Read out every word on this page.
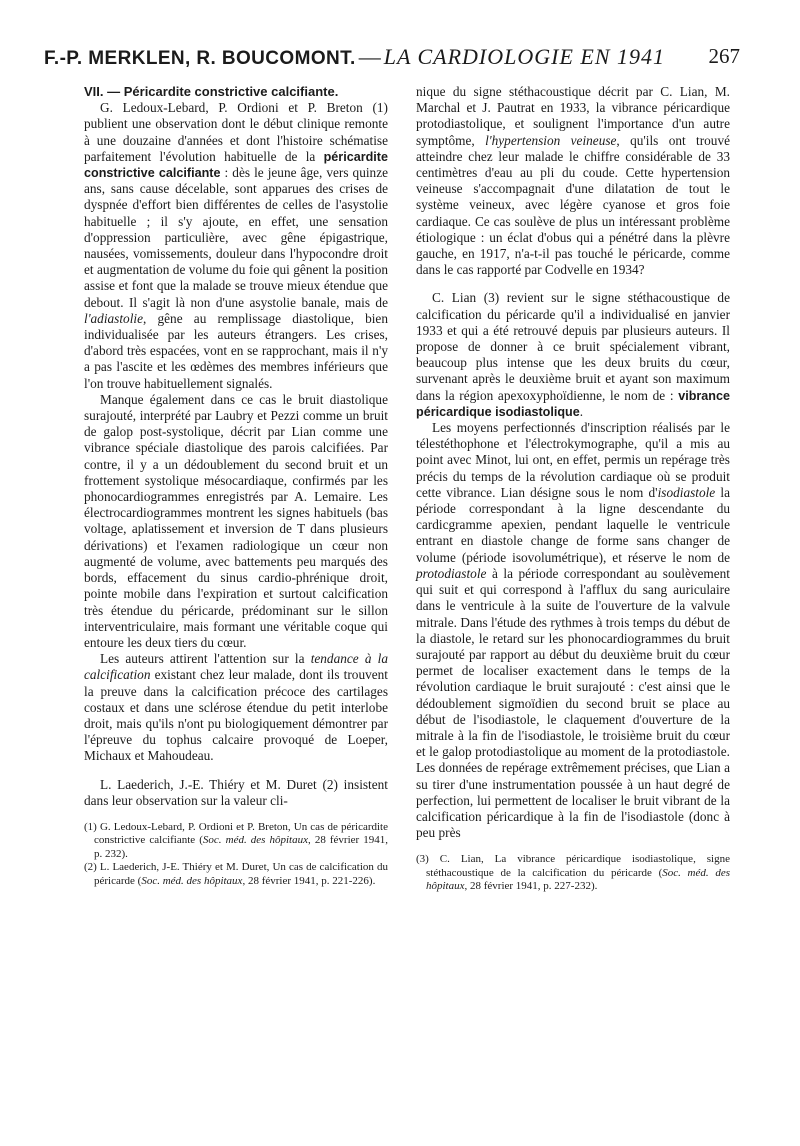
F.-P. MERKLEN, R. BOUCOMONT. — LA CARDIOLOGIE EN 1941 267

VII. — Péricardite constrictive calcifiante.

G. Ledoux-Lebard, P. Ordioni et P. Breton (1) publient une observation dont le début clinique remonte à une douzaine d'années et dont l'histoire schématise parfaitement l'évolution habituelle de la péricardite constrictive calcifiante : dès le jeune âge, vers quinze ans, sans cause décelable, sont apparues des crises de dyspnée d'effort bien différentes de celles de l'asystolie habituelle ; il s'y ajoute, en effet, une sensation d'oppression particulière, avec gêne épigastrique, nausées, vomissements, douleur dans l'hypocondre droit et augmentation de volume du foie qui gênent la position assise et font que la malade se trouve mieux étendue que debout. Il s'agit là non d'une asystolie banale, mais de l'adiastolie, gêne au remplissage diastolique, bien individualisée par les auteurs étrangers. Les crises, d'abord très espacées, vont en se rapprochant, mais il n'y a pas l'ascite et les œdèmes des membres inférieurs que l'on trouve habituellement signalés.

Manque également dans ce cas le bruit diastolique surajouté, interprété par Laubry et Pezzi comme un bruit de galop post-systolique, décrit par Lian comme une vibrance spéciale diastolique des parois calcifiées. Par contre, il y a un dédoublement du second bruit et un frottement systolique mésocardiaque, confirmés par les phonocardiogrammes enregistrés par A. Lemaire. Les électrocardiogrammes montrent les signes habituels (bas voltage, aplatissement et inversion de T dans plusieurs dérivations) et l'examen radiologique un cœur non augmenté de volume, avec battements peu marqués des bords, effacement du sinus cardio-phrénique droit, pointe mobile dans l'expiration et surtout calcification très étendue du péricarde, prédominant sur le sillon interventriculaire, mais formant une véritable coque qui entoure les deux tiers du cœur.

Les auteurs attirent l'attention sur la tendance à la calcification existant chez leur malade, dont ils trouvent la preuve dans la calcification précoce des cartilages costaux et dans une sclérose étendue du petit interlobe droit, mais qu'ils n'ont pu biologiquement démontrer par l'épreuve du tophus calcaire provoqué de Loeper, Michaux et Mahoudeau.

L. Laederich, J.-E. Thiéry et M. Duret (2) insistent dans leur observation sur la valeur cli-

(1) G. Ledoux-Lebard, P. Ordioni et P. Breton, Un cas de péricardite constrictive calcifiante (Soc. méd. des hôpitaux, 28 février 1941, p. 232).

(2) L. Laederich, J-E. Thiéry et M. Duret, Un cas de calcification du péricarde (Soc. méd. des hôpitaux, 28 février 1941, p. 221-226).

nique du signe stéthacoustique décrit par C. Lian, M. Marchal et J. Pautrat en 1933, la vibrance péricardique protodiastolique, et soulignent l'importance d'un autre symptôme, l'hypertension veineuse, qu'ils ont trouvé atteindre chez leur malade le chiffre considérable de 33 centimètres d'eau au pli du coude. Cette hypertension veineuse s'accompagnait d'une dilatation de tout le système veineux, avec légère cyanose et gros foie cardiaque. Ce cas soulève de plus un intéressant problème étiologique : un éclat d'obus qui a pénétré dans la plèvre gauche, en 1917, n'a-t-il pas touché le péricarde, comme dans le cas rapporté par Codvelle en 1934?

C. Lian (3) revient sur le signe stéthacoustique de calcification du péricarde qu'il a individualisé en janvier 1933 et qui a été retrouvé depuis par plusieurs auteurs. Il propose de donner à ce bruit spécialement vibrant, beaucoup plus intense que les deux bruits du cœur, survenant après le deuxième bruit et ayant son maximum dans la région apexoxyphoïdienne, le nom de : vibrance péricardique isodiastolique.

Les moyens perfectionnés d'inscription réalisés par le télestéthophone et l'électrokymographe, qu'il a mis au point avec Minot, lui ont, en effet, permis un repérage très précis du temps de la révolution cardiaque où se produit cette vibrance. Lian désigne sous le nom d'isodiastole la période correspondant à la ligne descendante du cardicgramme apexien, pendant laquelle le ventricule entrant en diastole change de forme sans changer de volume (période isovolumétrique), et réserve le nom de protodiastole à la période correspondant au soulèvement qui suit et qui correspond à l'afflux du sang auriculaire dans le ventricule à la suite de l'ouverture de la valvule mitrale. Dans l'étude des rythmes à trois temps du début de la diastole, le retard sur les phonocardiogrammes du bruit surajouté par rapport au début du deuxième bruit du cœur permet de localiser exactement dans le temps de la révolution cardiaque le bruit surajouté : c'est ainsi que le dédoublement sigmoïdien du second bruit se place au début de l'isodiastole, le claquement d'ouverture de la mitrale à la fin de l'isodiastole, le troisième bruit du cœur et le galop protodiastolique au moment de la protodiastole. Les données de repérage extrêmement précises, que Lian a su tirer d'une instrumentation poussée à un haut degré de perfection, lui permettent de localiser le bruit vibrant de la calcification péricardique à la fin de l'isodiastole (donc à peu près

(3) C. Lian, La vibrance péricardique isodiastolique, signe stéthacoustique de la calcification du péricarde (Soc. méd. des hôpitaux, 28 février 1941, p. 227-232).
